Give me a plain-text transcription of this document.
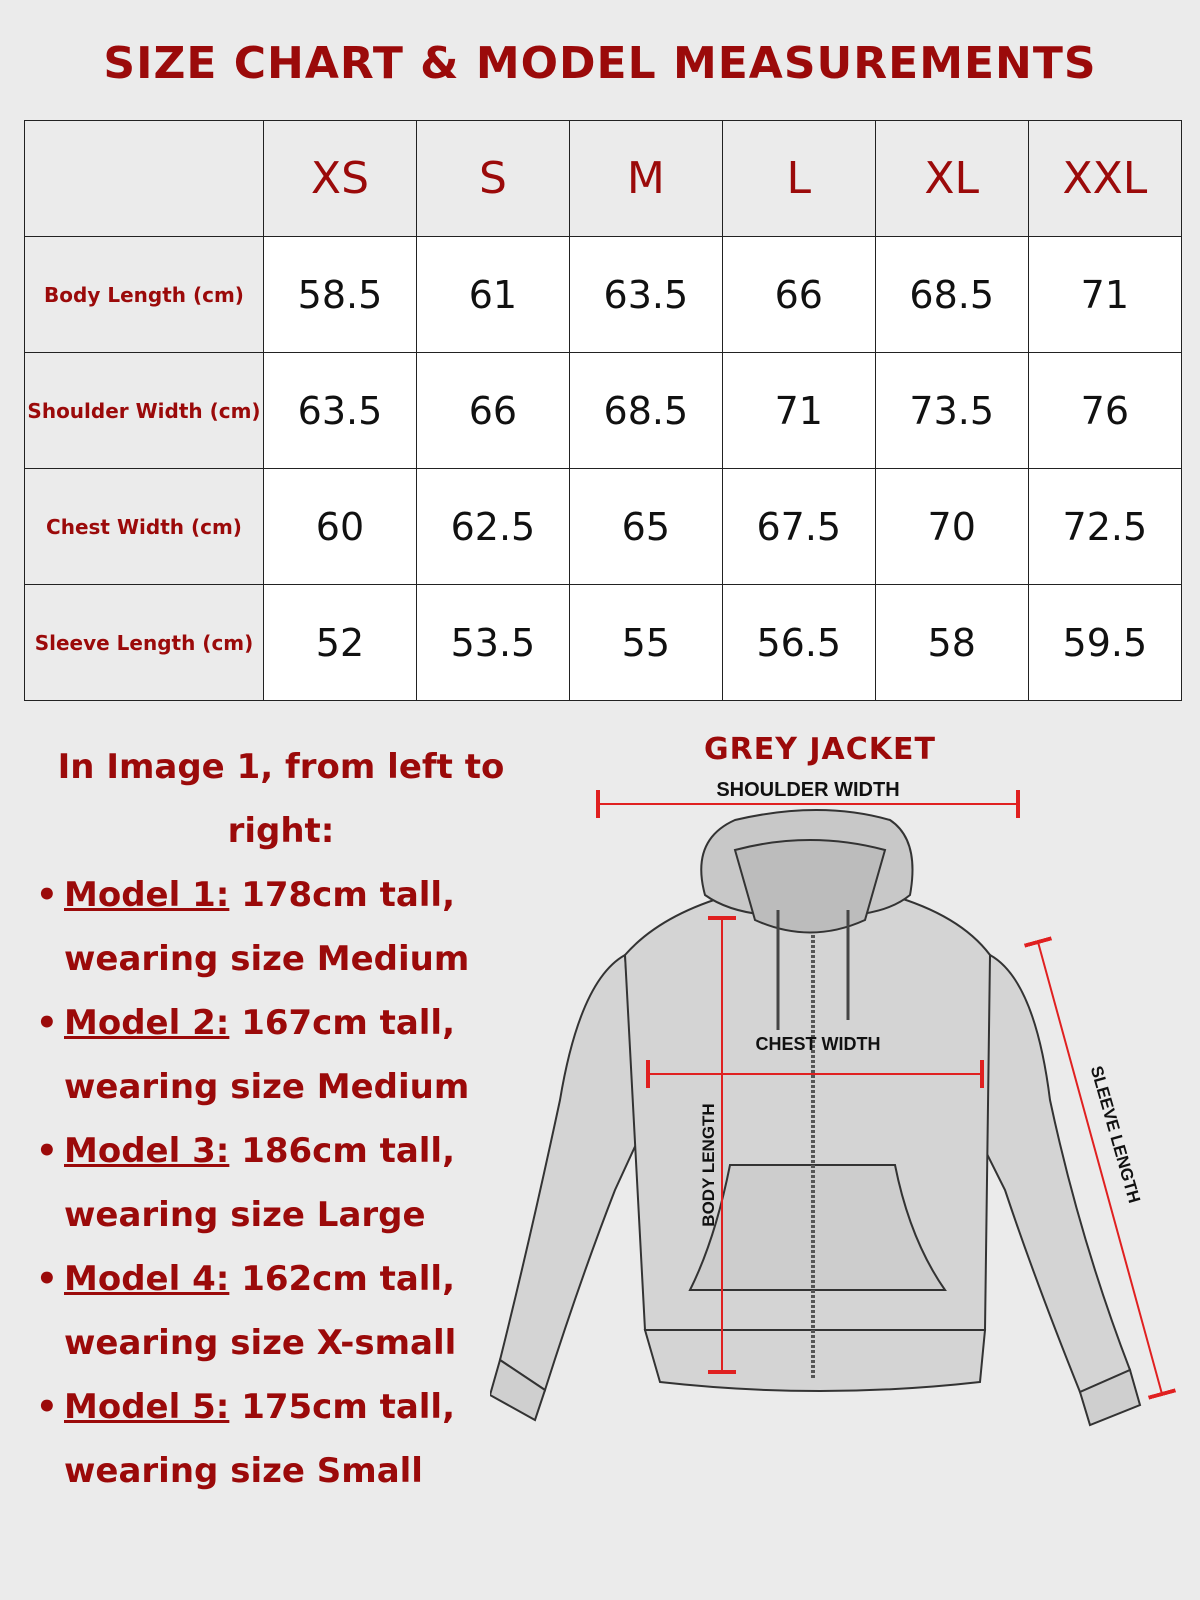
SIZE CHART & MODEL MEASUREMENTS
	XS	S	M	L	XL	XXL
Body Length (cm)	58.5	61	63.5	66	68.5	71
Shoulder Width (cm)	63.5	66	68.5	71	73.5	76
Chest Width (cm)	60	62.5	65	67.5	70	72.5
Sleeve Length (cm)	52	53.5	55	56.5	58	59.5
In Image 1, from left to right:
• Model 1: 178cm tall, wearing size Medium
• Model 2: 167cm tall, wearing size Medium
• Model 3: 186cm tall, wearing size Large
• Model 4: 162cm tall, wearing size X-small
• Model 5: 175cm tall, wearing size Small
GREY JACKET
SHOULDER WIDTH
CHEST WIDTH
BODY LENGTH	SLEEVE LENGTH
